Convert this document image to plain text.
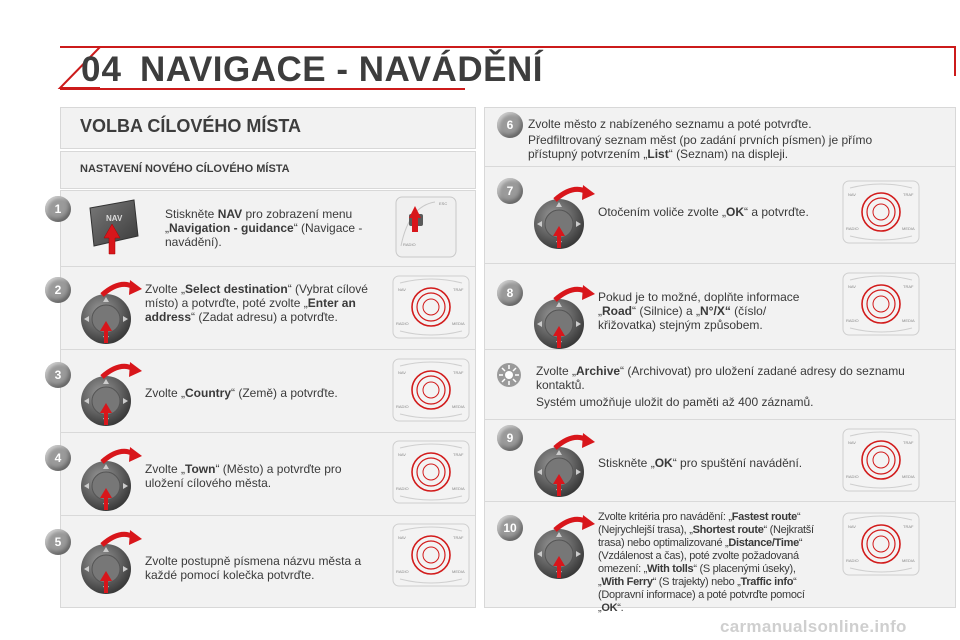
04 NAVIGACE - NAVÁDĚNÍ
VOLBA CÍLOVÉHO MÍSTA
NASTAVENÍ NOVÉHO CÍLOVÉHO MÍSTA
1
2
3
4
5
6
7
8
9
10
NAV	Stiskněte NAV pro zobrazení menu „Navigation - guidance“ (Navigace - navádění).	RADIO
ESC
NAV	TRAF
RADIO	MEDIA
NAV	TRAF
RADIO	MEDIA
NAV	TRAF
RADIO	MEDIA
NAV	TRAF
RADIO	MEDIA
NAV	TRAF
RADIO	MEDIA
NAV	TRAF
RADIO	MEDIA
NAV	TRAF
RADIO	MEDIA
NAV	TRAF
RADIO	MEDIA
Zvolte „Select destination“ (Vybrat cílové místo) a potvrďte, poté zvolte „Enter an address“ (Zadat adresu) a potvrďte.
Zvolte „Country“ (Země) a potvrďte.
Zvolte „Town“ (Město) a potvrďte pro uložení cílového města.
Zvolte postupně písmena názvu města a každé pomocí kolečka potvrďte.
Zvolte město z nabízeného seznamu a poté potvrďte.
Předfiltrovaný seznam měst (po zadání prvních písmen) je přímo přístupný potvrzením „List“ (Seznam) na displeji.
Otočením voliče zvolte „OK“ a potvrďte.
Pokud je to možné, doplňte informace „Road“ (Silnice) a „N°/X“ (číslo/ křižovatka) stejným způsobem.
Zvolte „Archive“ (Archivovat) pro uložení zadané adresy do seznamu kontaktů.
Systém umožňuje uložit do paměti až 400 záznamů.
Stiskněte „OK“ pro spuštění navádění.
Zvolte kritéria pro navádění: „Fastest route“ (Nejrychlejší trasa), „Shortest route“ (Nejkratší trasa) nebo optimalizované „Distance/Time“ (Vzdálenost a čas), poté zvolte požadovaná omezení: „With tolls“ (S placenými úseky), „With Ferry“ (S trajekty) nebo „Traffic info“ (Dopravní informace) a poté potvrďte pomocí „OK“.
carmanualsonline.info
